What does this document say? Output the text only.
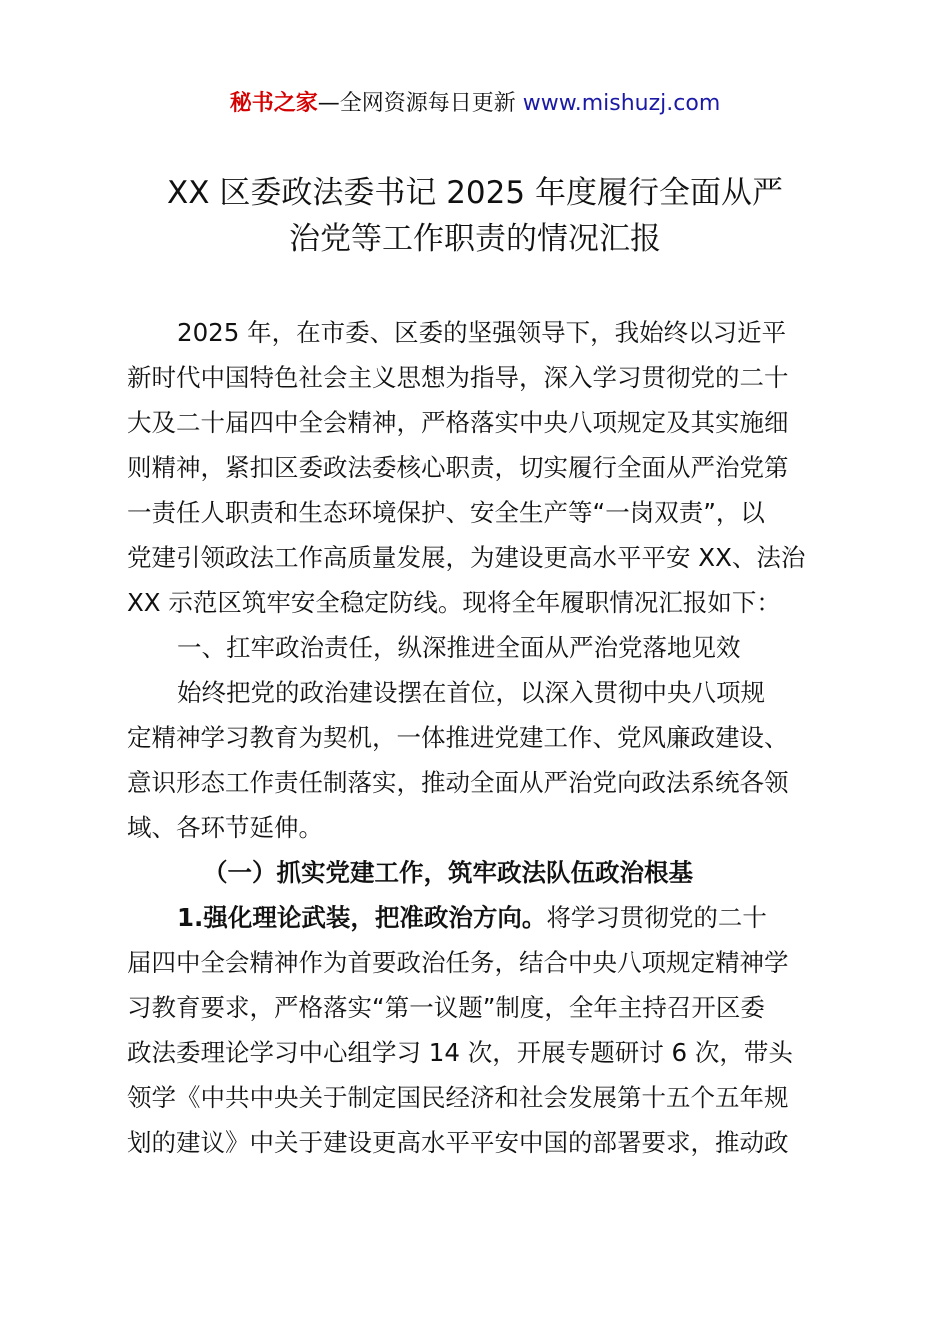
秘书之家—全网资源每日更新 www.mishuzj.com
XX 区委政法委书记 2025 年度履行全面从严
治党等工作职责的情况汇报
2025 年，在市委、区委的坚强领导下，我始终以习近平
新时代中国特色社会主义思想为指导，深入学习贯彻党的二十
大及二十届四中全会精神，严格落实中央八项规定及其实施细
则精神，紧扣区委政法委核心职责，切实履行全面从严治党第
一责任人职责和生态环境保护、安全生产等“一岗双责”，以
党建引领政法工作高质量发展，为建设更高水平平安 XX、法治
XX 示范区筑牢安全稳定防线。现将全年履职情况汇报如下：
一、扛牢政治责任，纵深推进全面从严治党落地见效
始终把党的政治建设摆在首位，以深入贯彻中央八项规
定精神学习教育为契机，一体推进党建工作、党风廉政建设、
意识形态工作责任制落实，推动全面从严治党向政法系统各领
域、各环节延伸。
（一）抓实党建工作，筑牢政法队伍政治根基
1.强化理论武装，把准政治方向。将学习贯彻党的二十
届四中全会精神作为首要政治任务，结合中央八项规定精神学
习教育要求，严格落实“第一议题”制度，全年主持召开区委
政法委理论学习中心组学习 14 次，开展专题研讨 6 次，带头
领学《中共中央关于制定国民经济和社会发展第十五个五年规
划的建议》中关于建设更高水平平安中国的部署要求，推动政
